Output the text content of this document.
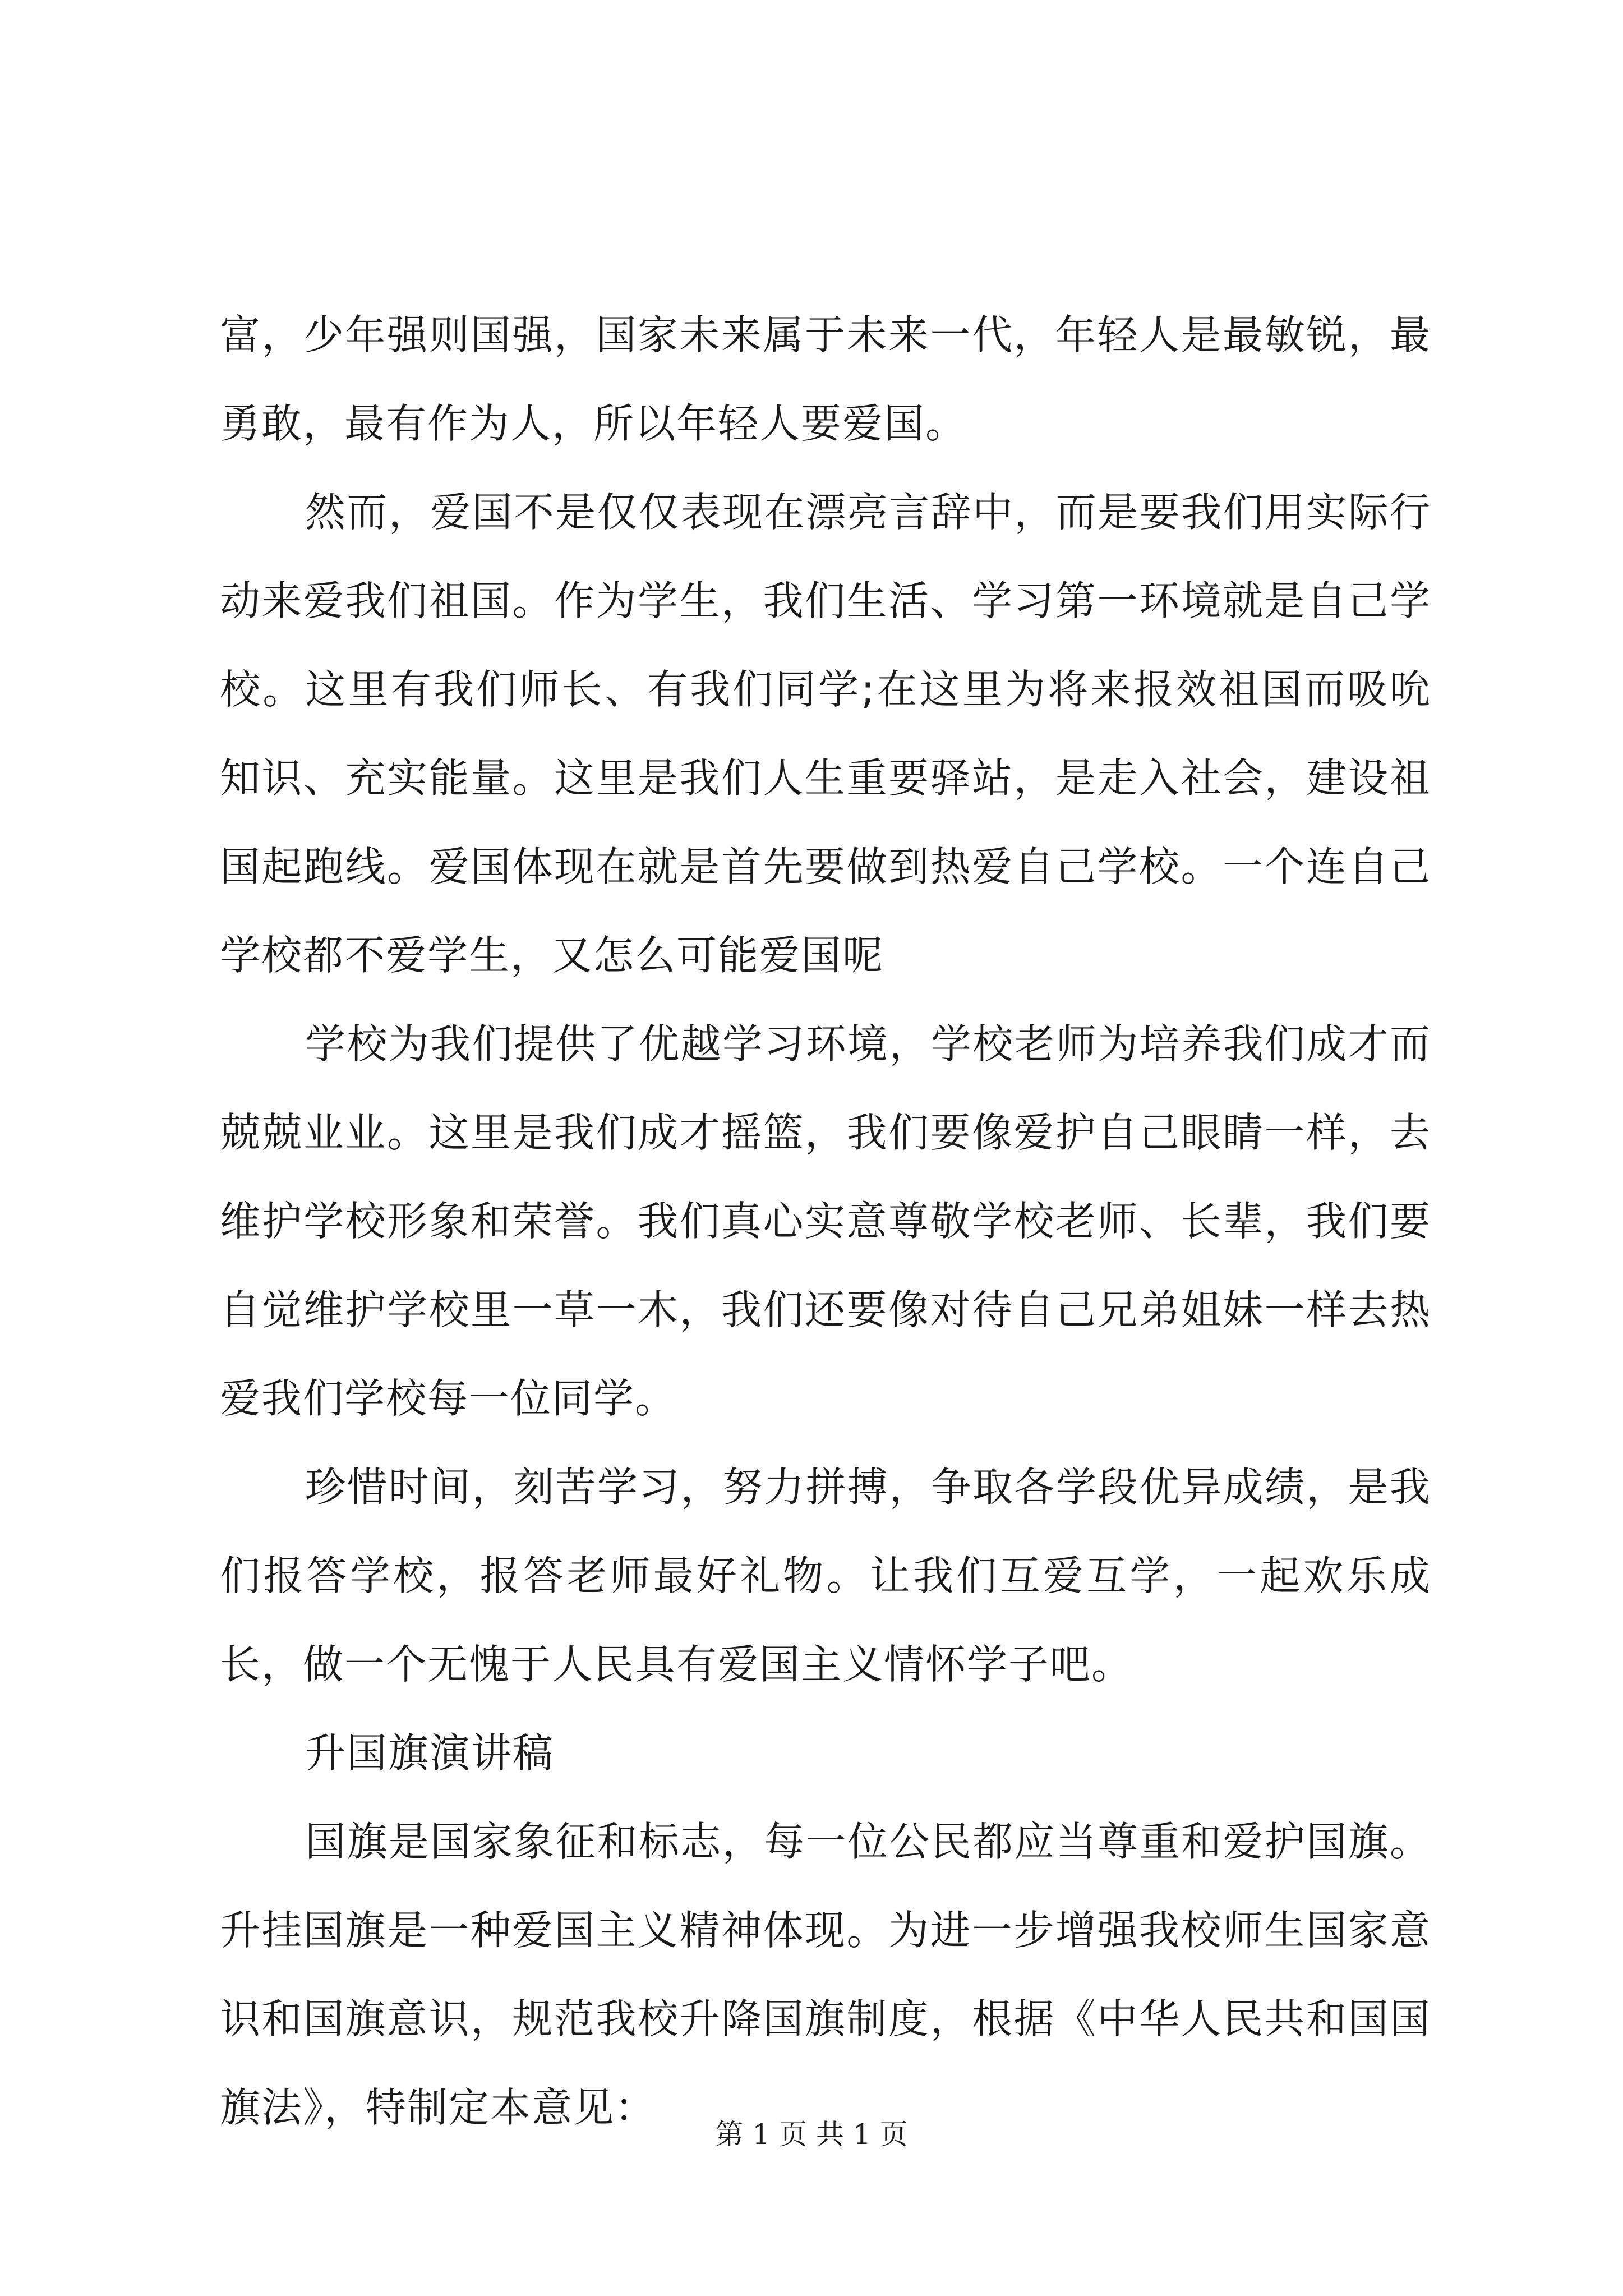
富，少年强则国强，国家未来属于未来一代，年轻人是最敏锐，最勇敢，最有作为人，所以年轻人要爱国。

然而，爱国不是仅仅表现在漂亮言辞中，而是要我们用实际行动来爱我们祖国。作为学生，我们生活、学习第一环境就是自己学校。这里有我们师长、有我们同学;在这里为将来报效祖国而吸吮知识、充实能量。这里是我们人生重要驿站，是走入社会，建设祖国起跑线。爱国体现在就是首先要做到热爱自己学校。一个连自己学校都不爱学生，又怎么可能爱国呢

学校为我们提供了优越学习环境，学校老师为培养我们成才而兢兢业业。这里是我们成才摇篮，我们要像爱护自己眼睛一样，去维护学校形象和荣誉。我们真心实意尊敬学校老师、长辈，我们要自觉维护学校里一草一木，我们还要像对待自己兄弟姐妹一样去热爱我们学校每一位同学。

珍惜时间，刻苦学习，努力拼搏，争取各学段优异成绩，是我们报答学校，报答老师最好礼物。让我们互爱互学，一起欢乐成长，做一个无愧于人民具有爱国主义情怀学子吧。

升国旗演讲稿

国旗是国家象征和标志，每一位公民都应当尊重和爱护国旗。升挂国旗是一种爱国主义精神体现。为进一步增强我校师生国家意识和国旗意识，规范我校升降国旗制度，根据《中华人民共和国国旗法》，特制定本意见：

第 1 页 共 1 页
